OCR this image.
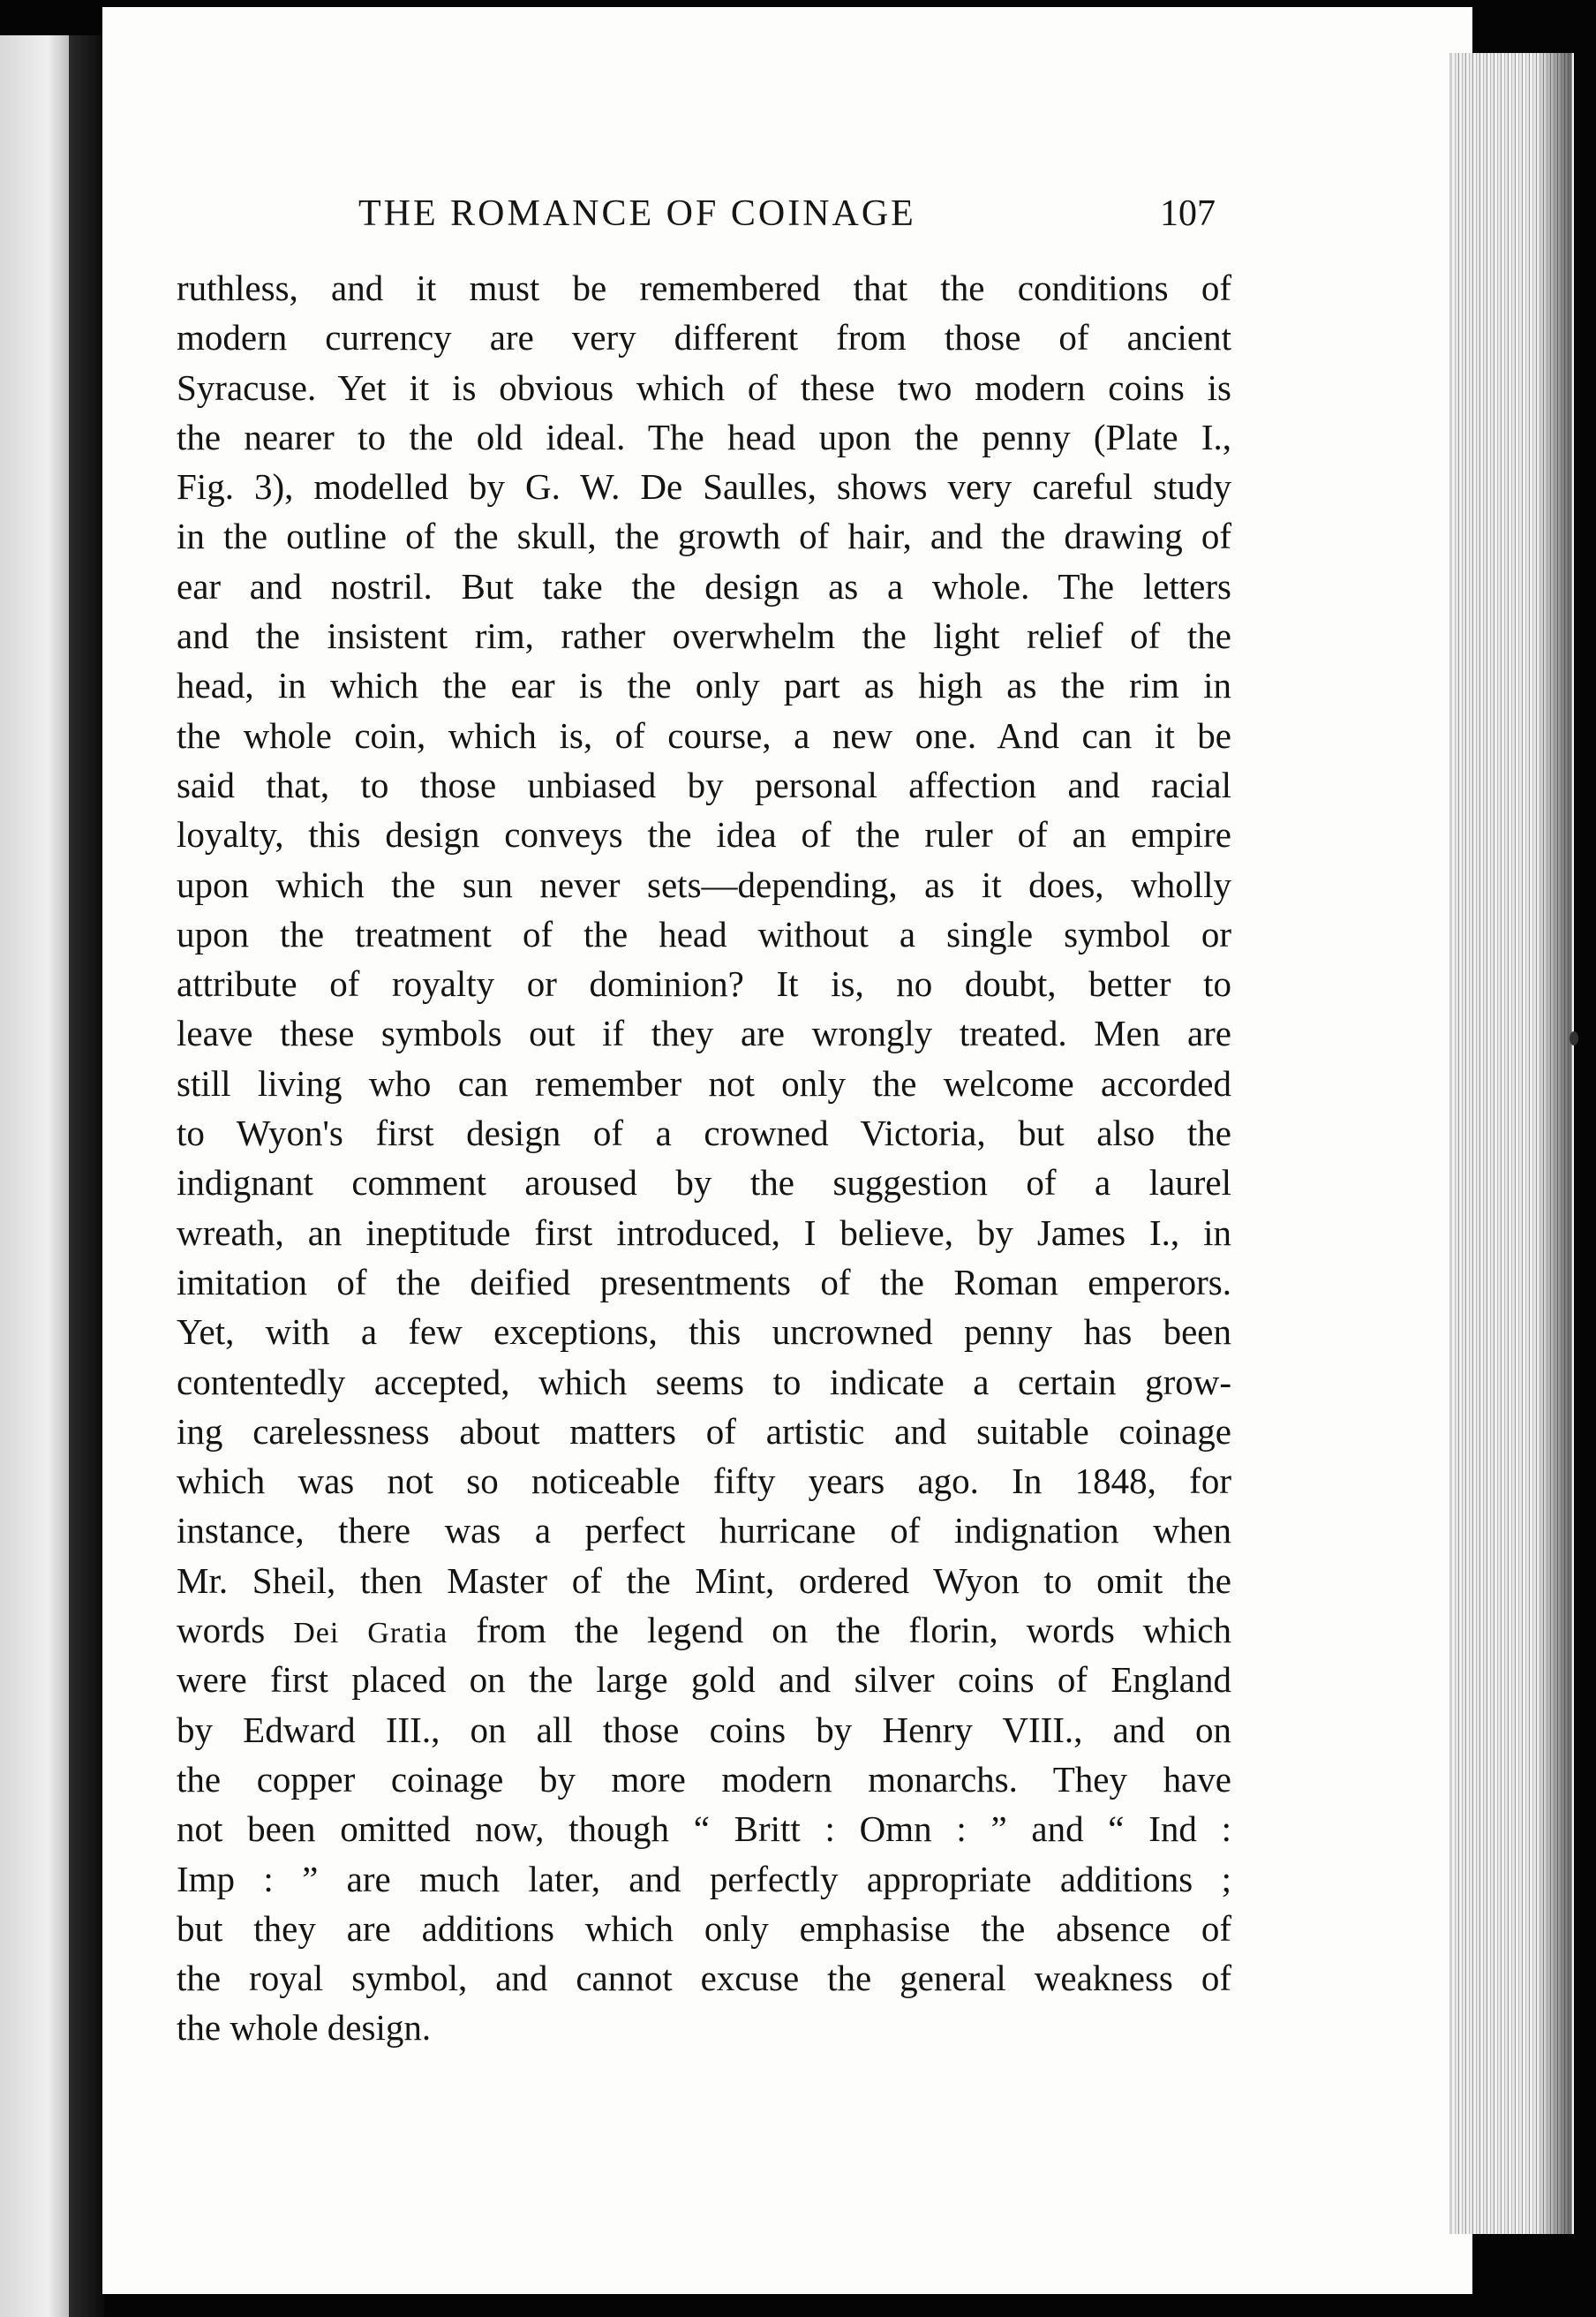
THE ROMANCE OF COINAGE	107
ruthless, and it must be remembered that the conditions of
modern currency are very different from those of ancient
Syracuse. Yet it is obvious which of these two modern coins is
the nearer to the old ideal. The head upon the penny (Plate I.,
Fig. 3), modelled by G. W. De Saulles, shows very careful study
in the outline of the skull, the growth of hair, and the drawing of
ear and nostril. But take the design as a whole. The letters
and the insistent rim, rather overwhelm the light relief of the
head, in which the ear is the only part as high as the rim in
the whole coin, which is, of course, a new one. And can it be
said that, to those unbiased by personal affection and racial
loyalty, this design conveys the idea of the ruler of an empire
upon which the sun never sets—depending, as it does, wholly
upon the treatment of the head without a single symbol or
attribute of royalty or dominion? It is, no doubt, better to
leave these symbols out if they are wrongly treated. Men are
still living who can remember not only the welcome accorded
to Wyon's first design of a crowned Victoria, but also the
indignant comment aroused by the suggestion of a laurel
wreath, an ineptitude first introduced, I believe, by James I., in
imitation of the deified presentments of the Roman emperors.
Yet, with a few exceptions, this uncrowned penny has been
contentedly accepted, which seems to indicate a certain grow-
ing carelessness about matters of artistic and suitable coinage
which was not so noticeable fifty years ago. In 1848, for
instance, there was a perfect hurricane of indignation when
Mr. Sheil, then Master of the Mint, ordered Wyon to omit the
words Dei Gratia from the legend on the florin, words which
were first placed on the large gold and silver coins of England
by Edward III., on all those coins by Henry VIII., and on
the copper coinage by more modern monarchs. They have
not been omitted now, though “ Britt : Omn : ” and “ Ind :
Imp : ” are much later, and perfectly appropriate additions ;
but they are additions which only emphasise the absence of
the royal symbol, and cannot excuse the general weakness of
the whole design.
